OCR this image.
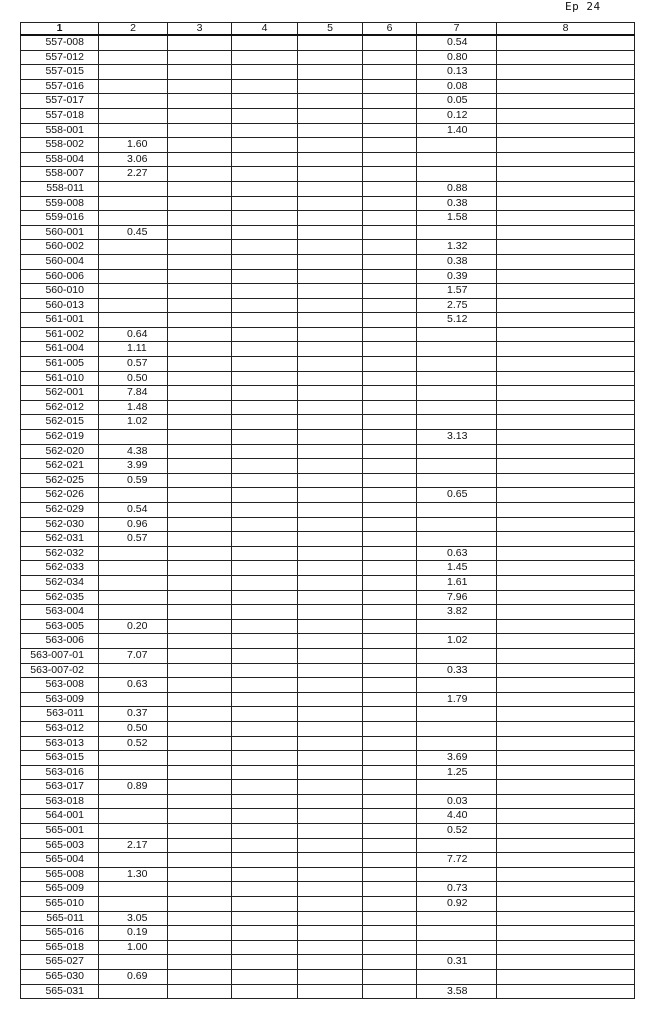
Ep 24
1	2	3	4	5	6	7	8
557-008						0.54	
557-012						0.80	
557-015						0.13	
557-016						0.08	
557-017						0.05	
557-018						0.12	
558-001						1.40	
558-002	1.60						
558-004	3.06						
558-007	2.27						
558-011						0.88	
559-008						0.38	
559-016						1.58	
560-001	0.45						
560-002						1.32	
560-004						0.38	
560-006						0.39	
560-010						1.57	
560-013						2.75	
561-001						5.12	
561-002	0.64						
561-004	1.11						
561-005	0.57						
561-010	0.50						
562-001	7.84						
562-012	1.48						
562-015	1.02						
562-019						3.13	
562-020	4.38						
562-021	3.99						
562-025	0.59						
562-026						0.65	
562-029	0.54						
562-030	0.96						
562-031	0.57						
562-032						0.63	
562-033						1.45	
562-034						1.61	
562-035						7.96	
563-004						3.82	
563-005	0.20						
563-006						1.02	
563-007-01	7.07						
563-007-02						0.33	
563-008	0.63						
563-009						1.79	
563-011	0.37						
563-012	0.50						
563-013	0.52						
563-015						3.69	
563-016						1.25	
563-017	0.89						
563-018						0.03	
564-001						4.40	
565-001						0.52	
565-003	2.17						
565-004						7.72	
565-008	1.30						
565-009						0.73	
565-010						0.92	
565-011	3.05						
565-016	0.19						
565-018	1.00						
565-027						0.31	
565-030	0.69						
565-031						3.58	
